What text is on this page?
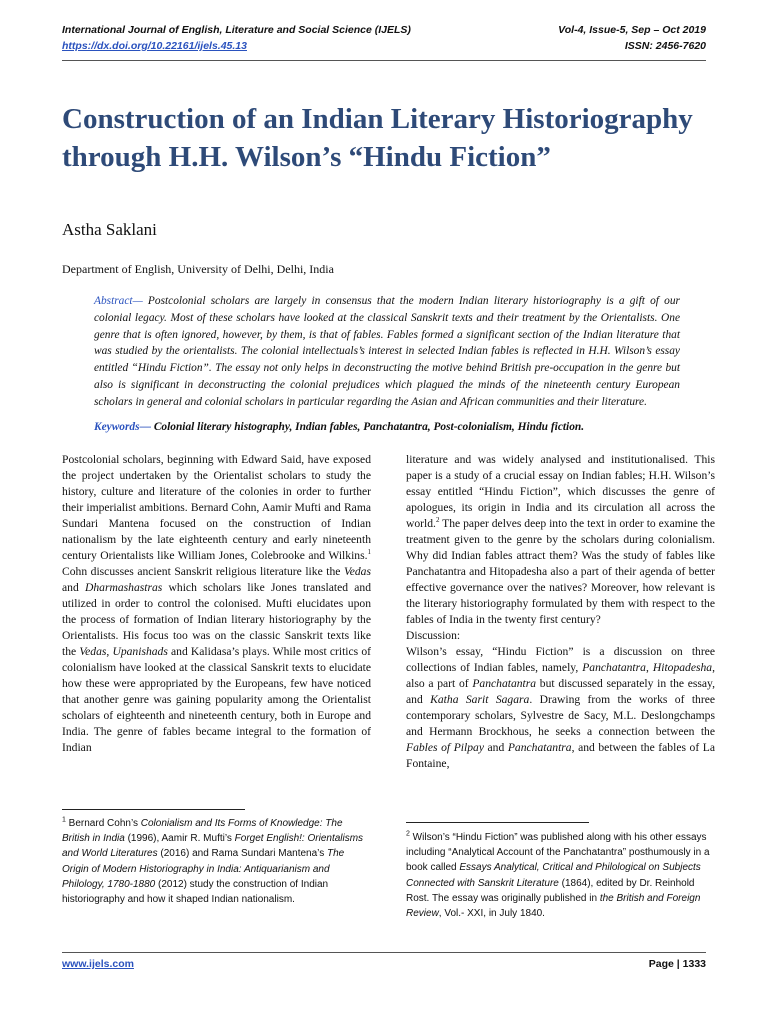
International Journal of English, Literature and Social Science (IJELS)
https://dx.doi.org/10.22161/ijels.45.13
Vol-4, Issue-5, Sep – Oct 2019
ISSN: 2456-7620
Construction of an Indian Literary Historiography through H.H. Wilson’s “Hindu Fiction”
Astha Saklani
Department of English, University of Delhi, Delhi, India
Abstract— Postcolonial scholars are largely in consensus that the modern Indian literary historiography is a gift of our colonial legacy. Most of these scholars have looked at the classical Sanskrit texts and their treatment by the Orientalists. One genre that is often ignored, however, by them, is that of fables. Fables formed a significant section of the Indian literature that was studied by the orientalists. The colonial intellectuals’s interest in selected Indian fables is reflected in H.H. Wilson’s essay entitled “Hindu Fiction”. The essay not only helps in deconstructing the motive behind British pre-occupation in the genre but also is significant in deconstructing the colonial prejudices which plagued the minds of the nineteenth century European scholars in general and colonial scholars in particular regarding the Asian and African communities and their literature.
Keywords— Colonial literary histography, Indian fables, Panchatantra, Post-colonialism, Hindu fiction.

Postcolonial scholars, beginning with Edward Said, have exposed the project undertaken by the Orientalist scholars to study the history, culture and literature of the colonies in order to further their imperialist ambitions. Bernard Cohn, Aamir Mufti and Rama Sundari Mantena focused on the construction of Indian nationalism by the late eighteenth century and early nineteenth century Orientalists like William Jones, Colebrooke and Wilkins.$^1$ Cohn discusses ancient Sanskrit religious literature like the Vedas and Dharmashastras which scholars like Jones translated and utilized in order to control the colonised. Mufti elucidates upon the process of formation of Indian literary historiography by the Orientalists. His focus too was on the classic Sanskrit texts like the Vedas, Upanishads and Kalidasa’s plays. While most critics of colonialism have looked at the classical Sanskrit texts to elucidate how these were appropriated by the Europeans, few have noticed that another genre was gaining popularity among the Orientalist scholars of eighteenth and nineteenth century, both in Europe and India. The genre of fables became integral to the formation of Indian

literature and was widely analysed and institutionalised. This paper is a study of a crucial essay on Indian fables; H.H. Wilson’s essay entitled “Hindu Fiction”, which discusses the genre of apologues, its origin in India and its circulation all across the world.$^2$ The paper delves deep into the text in order to examine the treatment given to the genre by the scholars during colonialism. Why did Indian fables attract them? Was the study of fables like Panchatantra and Hitopadesha also a part of their agenda of better effective governance over the natives? Moreover, how relevant is the literary historiography formulated by them with respect to the fables of India in the twenty first century?

Discussion:

Wilson’s essay, “Hindu Fiction” is a discussion on three collections of Indian fables, namely, Panchatantra, Hitopadesha, also a part of Panchatantra but discussed separately in the essay, and Katha Sarit Sagara. Drawing from the works of three contemporary scholars, Sylvestre de Sacy, M.L. Deslongchamps and Hermann Brockhous, he seeks a connection between the Fables of Pilpay and Panchatantra, and between the fables of La Fontaine,

$^1$ Bernard Cohn’s Colonialism and Its Forms of Knowledge: The British in India (1996), Aamir R. Mufti’s Forget English!: Orientalisms and World Literatures (2016) and Rama Sundari Mantena’s The Origin of Modern Historiography in India: Antiquarianism and Philology, 1780-1880 (2012) study the construction of Indian historiography and how it shaped Indian nationalism.
$^2$ Wilson’s “Hindu Fiction” was published along with his other essays including “Analytical Account of the Panchatantra” posthumously in a book called Essays Analytical, Critical and Philological on Subjects Connected with Sanskrit Literature (1864), edited by Dr. Reinhold Rost. The essay was originally published in the British and Foreign Review, Vol.- XXI, in July 1840.
www.ijels.com	Page | 1333
